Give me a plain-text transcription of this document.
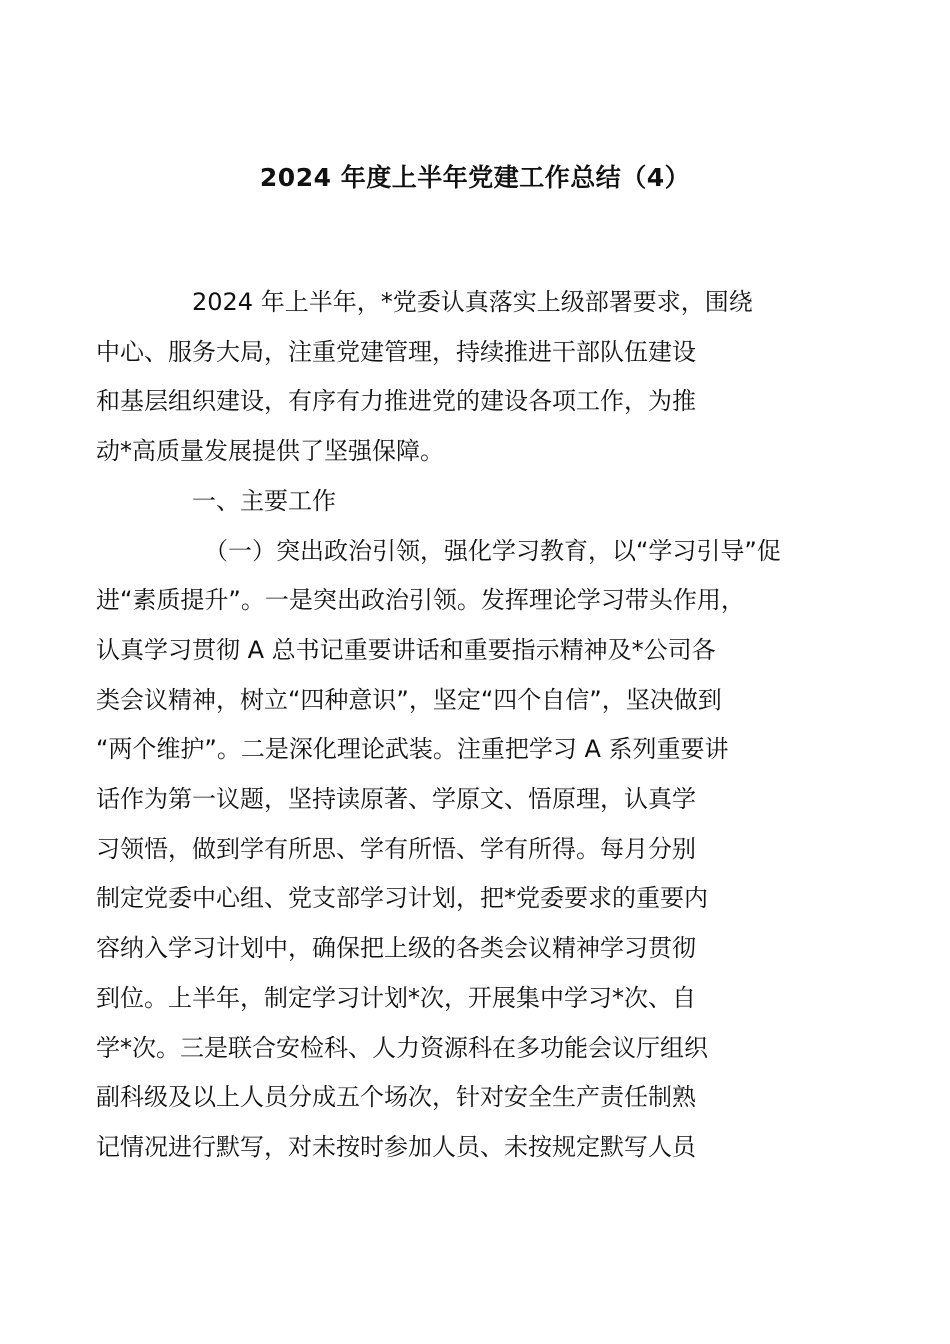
2024 年度上半年党建工作总结（4）

2024 年上半年，*党委认真落实上级部署要求，围绕
中心、服务大局，注重党建管理，持续推进干部队伍建设
和基层组织建设，有序有力推进党的建设各项工作，为推
动*高质量发展提供了坚强保障。

一、主要工作

（一）突出政治引领，强化学习教育，以“学习引导”促
进“素质提升”。一是突出政治引领。发挥理论学习带头作用，
认真学习贯彻 A 总书记重要讲话和重要指示精神及*公司各
类会议精神，树立“四种意识”，坚定“四个自信”，坚决做到
“两个维护”。二是深化理论武装。注重把学习 A 系列重要讲
话作为第一议题，坚持读原著、学原文、悟原理，认真学
习领悟，做到学有所思、学有所悟、学有所得。每月分别
制定党委中心组、党支部学习计划，把*党委要求的重要内
容纳入学习计划中，确保把上级的各类会议精神学习贯彻
到位。上半年，制定学习计划*次，开展集中学习*次、自
学*次。三是联合安检科、人力资源科在多功能会议厅组织
副科级及以上人员分成五个场次，针对安全生产责任制熟
记情况进行默写，对未按时参加人员、未按规定默写人员
